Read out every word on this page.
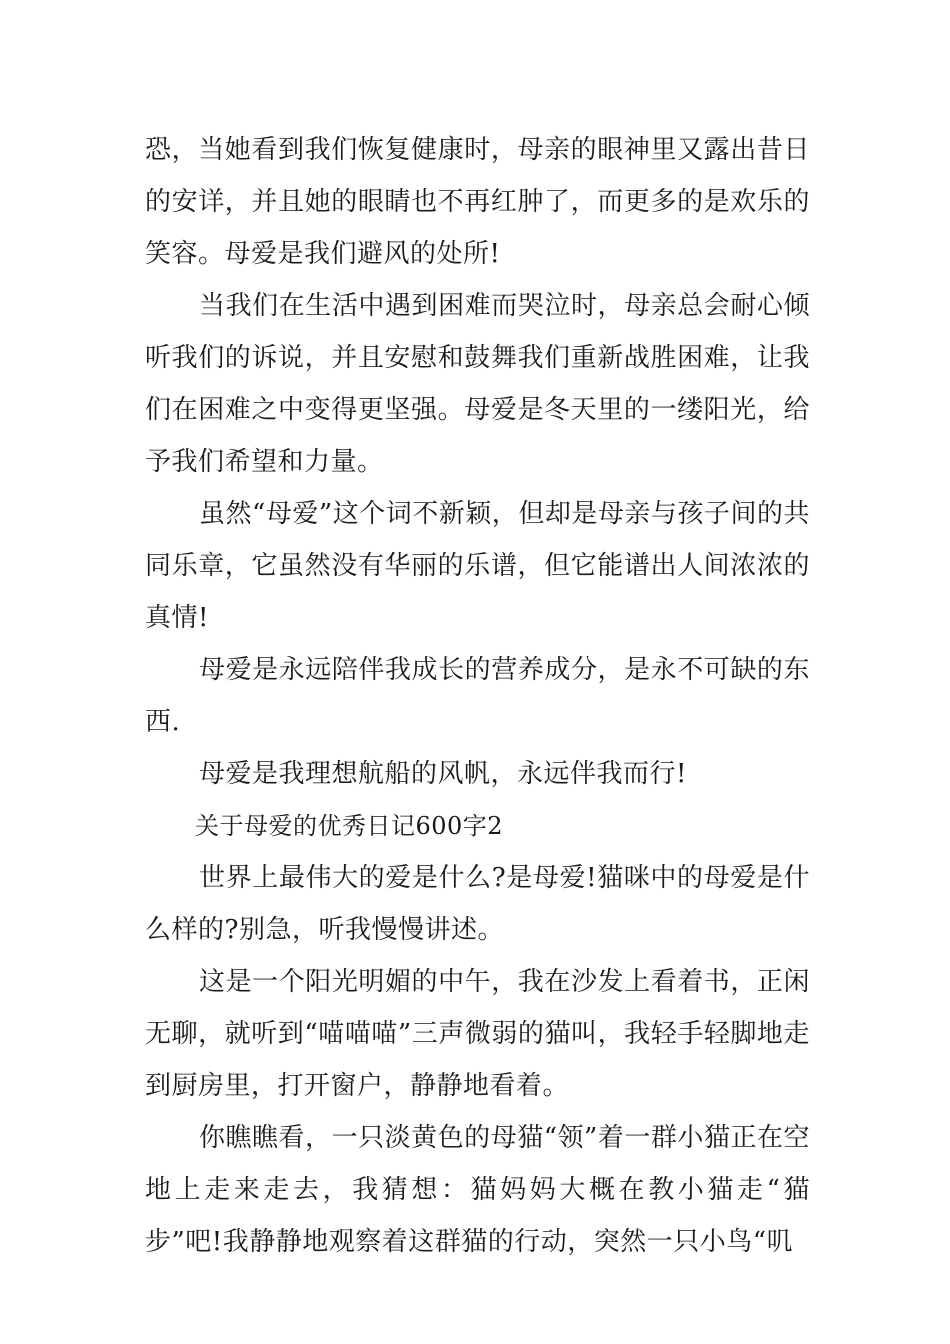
恐，当她看到我们恢复健康时，母亲的眼神里又露出昔日的安详，并且她的眼睛也不再红肿了，而更多的是欢乐的笑容。母爱是我们避风的处所!

当我们在生活中遇到困难而哭泣时，母亲总会耐心倾听我们的诉说，并且安慰和鼓舞我们重新战胜困难，让我们在困难之中变得更坚强。母爱是冬天里的一缕阳光，给予我们希望和力量。

虽然“母爱”这个词不新颖，但却是母亲与孩子间的共同乐章，它虽然没有华丽的乐谱，但它能谱出人间浓浓的真情!

母爱是永远陪伴我成长的营养成分，是永不可缺的东西.

母爱是我理想航船的风帆，永远伴我而行!

关于母爱的优秀日记600字2

世界上最伟大的爱是什么?是母爱!猫咪中的母爱是什么样的?别急，听我慢慢讲述。

这是一个阳光明媚的中午，我在沙发上看着书，正闲无聊，就听到“喵喵喵”三声微弱的猫叫，我轻手轻脚地走到厨房里，打开窗户，静静地看着。

你瞧瞧看，一只淡黄色的母猫“领”着一群小猫正在空地上走来走去，我猜想：猫妈妈大概在教小猫走“猫步”吧!我静静地观察着这群猫的行动，突然一只小鸟“叽
